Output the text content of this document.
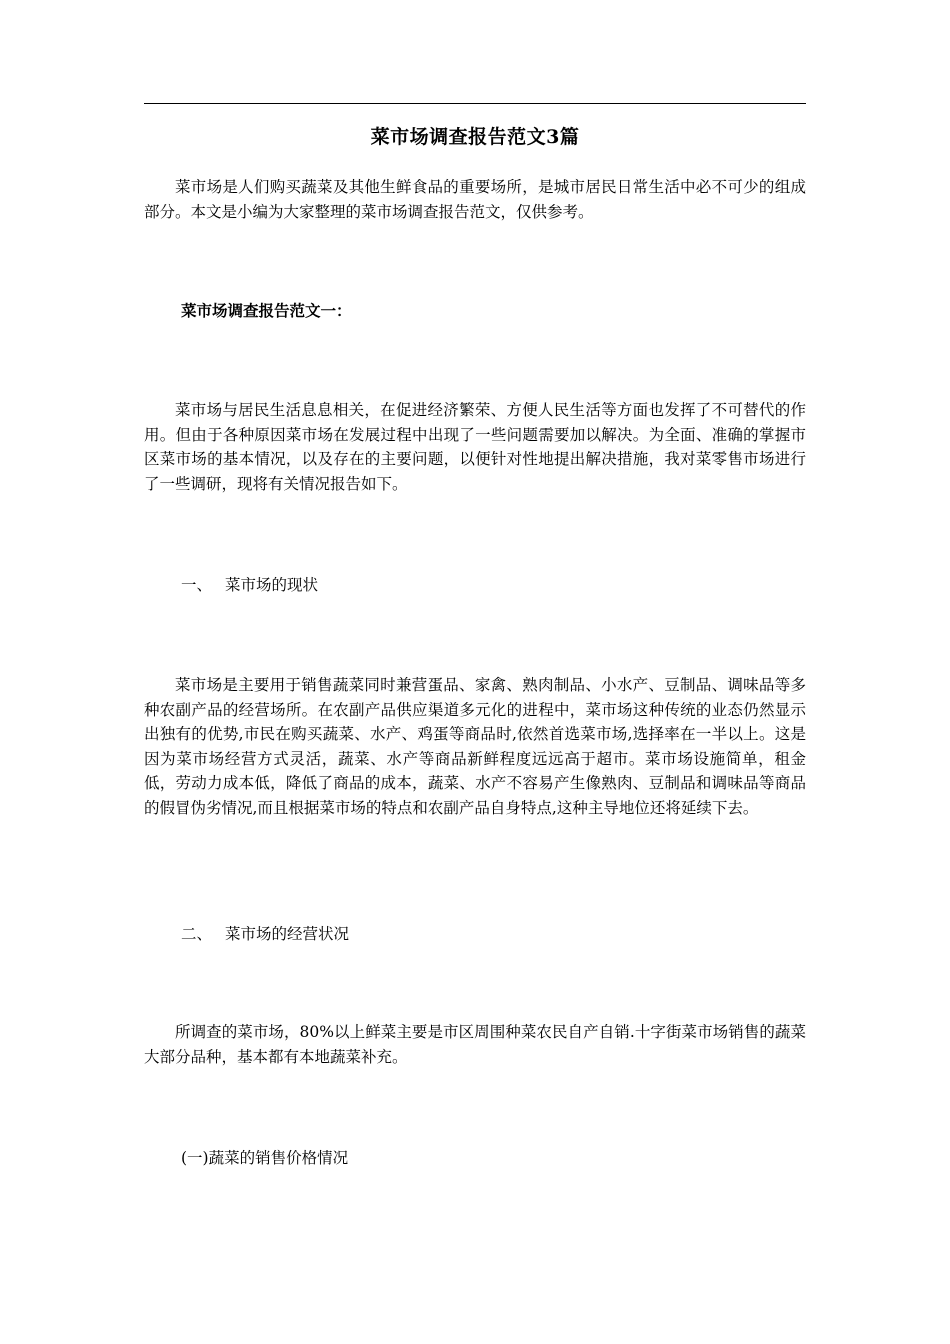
菜市场调查报告范文3篇

菜市场是人们购买蔬菜及其他生鲜食品的重要场所，是城市居民日常生活中必不可少的组成部分。本文是小编为大家整理的菜市场调查报告范文，仅供参考。

菜市场调查报告范文一：

菜市场与居民生活息息相关，在促进经济繁荣、方便人民生活等方面也发挥了不可替代的作用。但由于各种原因菜市场在发展过程中出现了一些问题需要加以解决。为全面、准确的掌握市区菜市场的基本情况，以及存在的主要问题，以便针对性地提出解决措施，我对菜零售市场进行了一些调研，现将有关情况报告如下。

一、 菜市场的现状

菜市场是主要用于销售蔬菜同时兼营蛋品、家禽、熟肉制品、小水产、豆制品、调味品等多种农副产品的经营场所。在农副产品供应渠道多元化的进程中，菜市场这种传统的业态仍然显示出独有的优势,市民在购买蔬菜、水产、鸡蛋等商品时,依然首选菜市场,选择率在一半以上。这是因为菜市场经营方式灵活，蔬菜、水产等商品新鲜程度远远高于超市。菜市场设施简单，租金低，劳动力成本低，降低了商品的成本，蔬菜、水产不容易产生像熟肉、豆制品和调味品等商品的假冒伪劣情况,而且根据菜市场的特点和农副产品自身特点,这种主导地位还将延续下去。

二、 菜市场的经营状况

所调查的菜市场，80%以上鲜菜主要是市区周围种菜农民自产自销.十字街菜市场销售的蔬菜大部分品种，基本都有本地蔬菜补充。

(一)蔬菜的销售价格情况
